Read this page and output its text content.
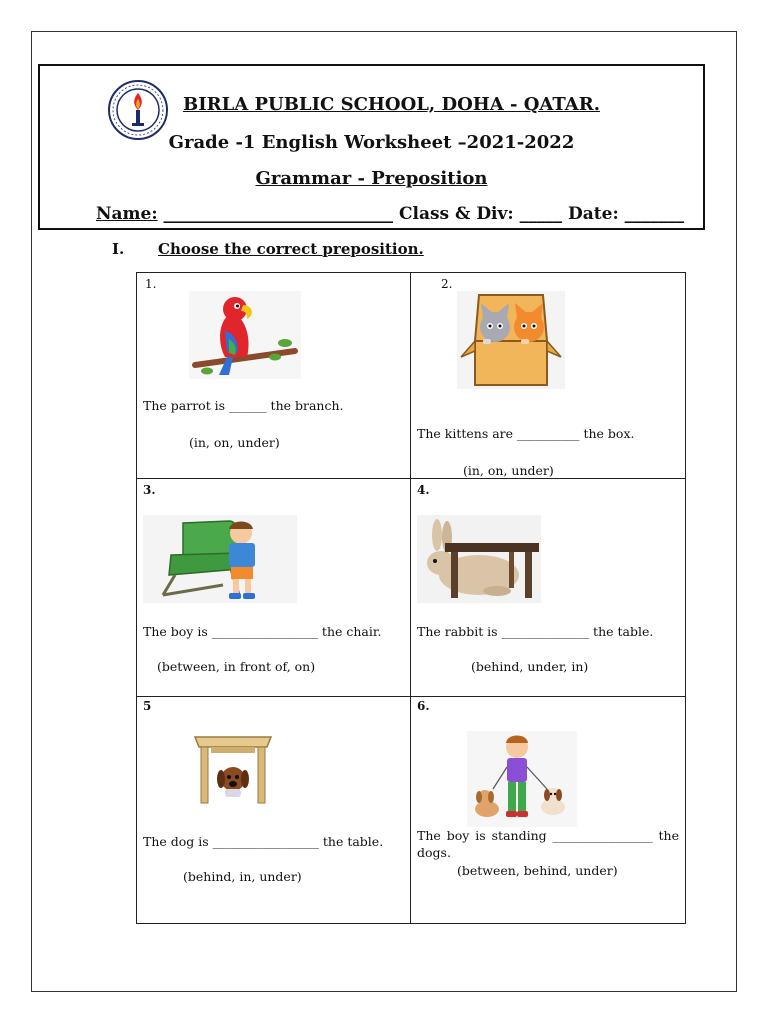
BIRLA PUBLIC SCHOOL, DOHA - QATAR.
Grade -1 English Worksheet –2021-2022
Grammar - Preposition
Name: ___________________________ Class & Div: _____ Date: _______
I. Choose the correct preposition.
1.
The parrot is ______ the branch.
(in, on, under)
2.
The kittens are __________ the box.
(in, on, under)
3.
The boy is _________________ the chair.
(between, in front of, on)
4.
The rabbit is ______________ the table.
(behind, under, in)
5
The dog is _________________ the table.
(behind, in, under)
6.
The boy is standing ________________ the dogs.
(between, behind, under)
